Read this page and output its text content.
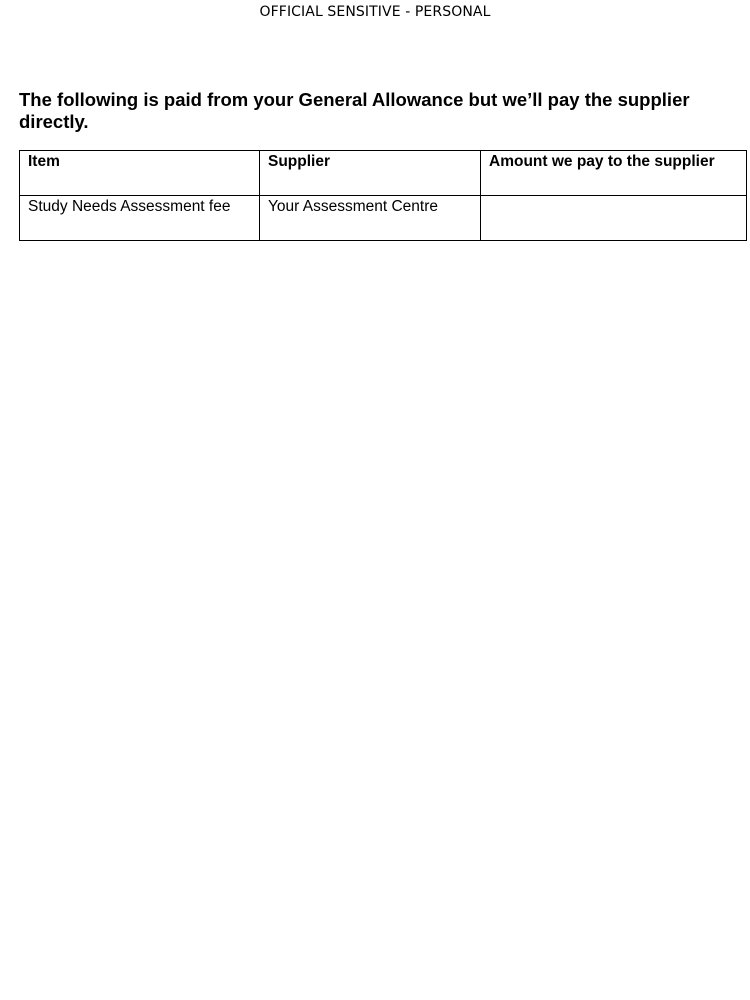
OFFICIAL SENSITIVE - PERSONAL
The following is paid from your General Allowance but we’ll pay the supplier directly.
Item	Supplier	Amount we pay to the supplier
Study Needs Assessment fee	Your Assessment Centre	
